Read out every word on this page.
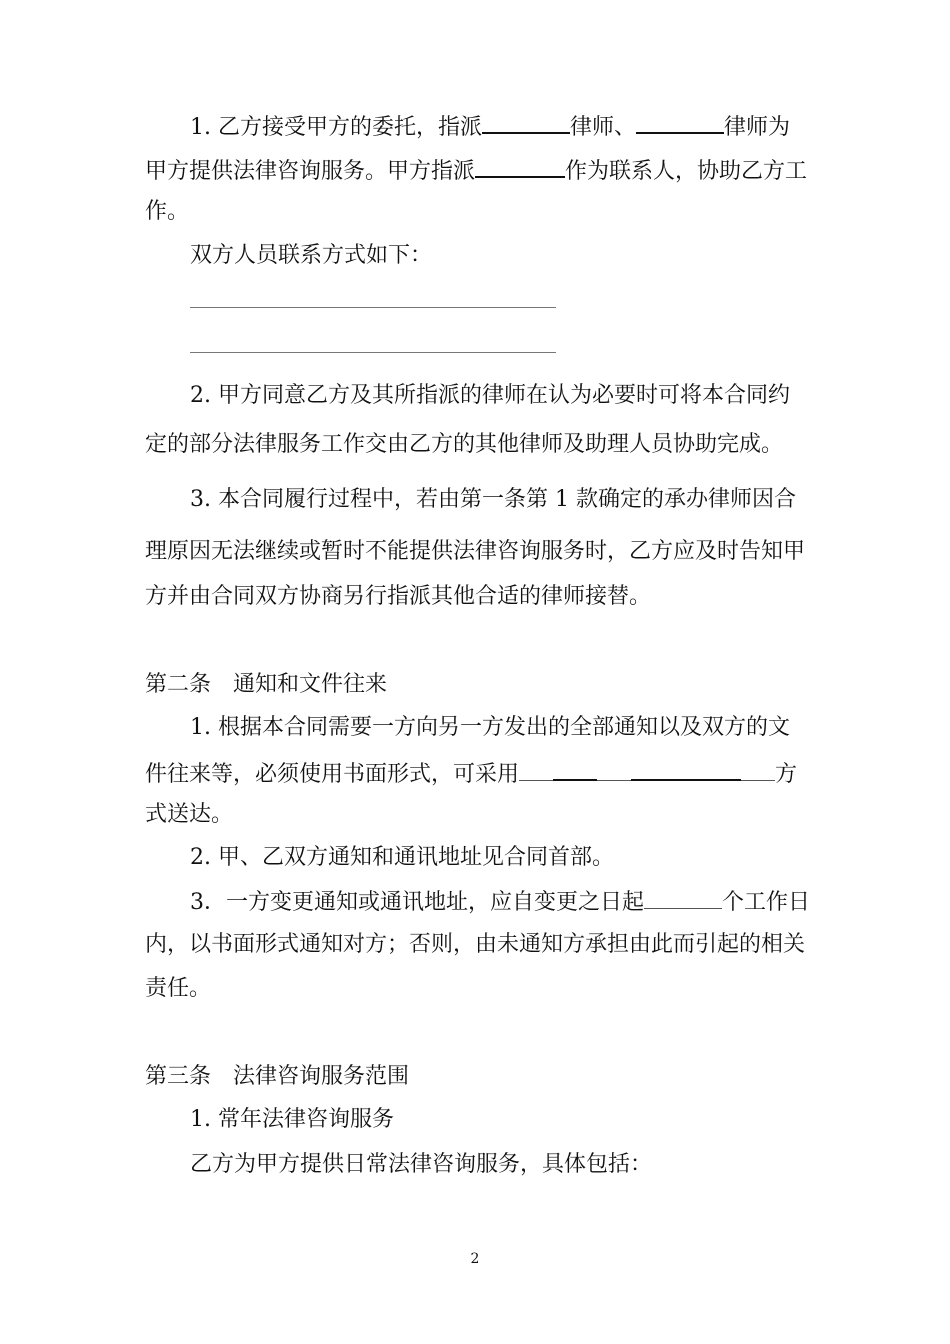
1. 乙方接受甲方的委托，指派	律师、	律师为
甲方提供法律咨询服务。甲方指派	作为联系人，协助乙方工
作。
双方人员联系方式如下：
2. 甲方同意乙方及其所指派的律师在认为必要时可将本合同约
定的部分法律服务工作交由乙方的其他律师及助理人员协助完成。
3. 本合同履行过程中，若由第一条第 1 款确定的承办律师因合
理原因无法继续或暂时不能提供法律咨询服务时，乙方应及时告知甲
方并由合同双方协商另行指派其他合适的律师接替。
第二条　通知和文件往来
1. 根据本合同需要一方向另一方发出的全部通知以及双方的文
件往来等，必须使用书面形式，可采用	方
式送达。
2. 甲、乙双方通知和通讯地址见合同首部。
3．一方变更通知或通讯地址，应自变更之日起	个工作日
内，以书面形式通知对方；否则，由未通知方承担由此而引起的相关
责任。
第三条　法律咨询服务范围
1. 常年法律咨询服务
乙方为甲方提供日常法律咨询服务，具体包括：
2
